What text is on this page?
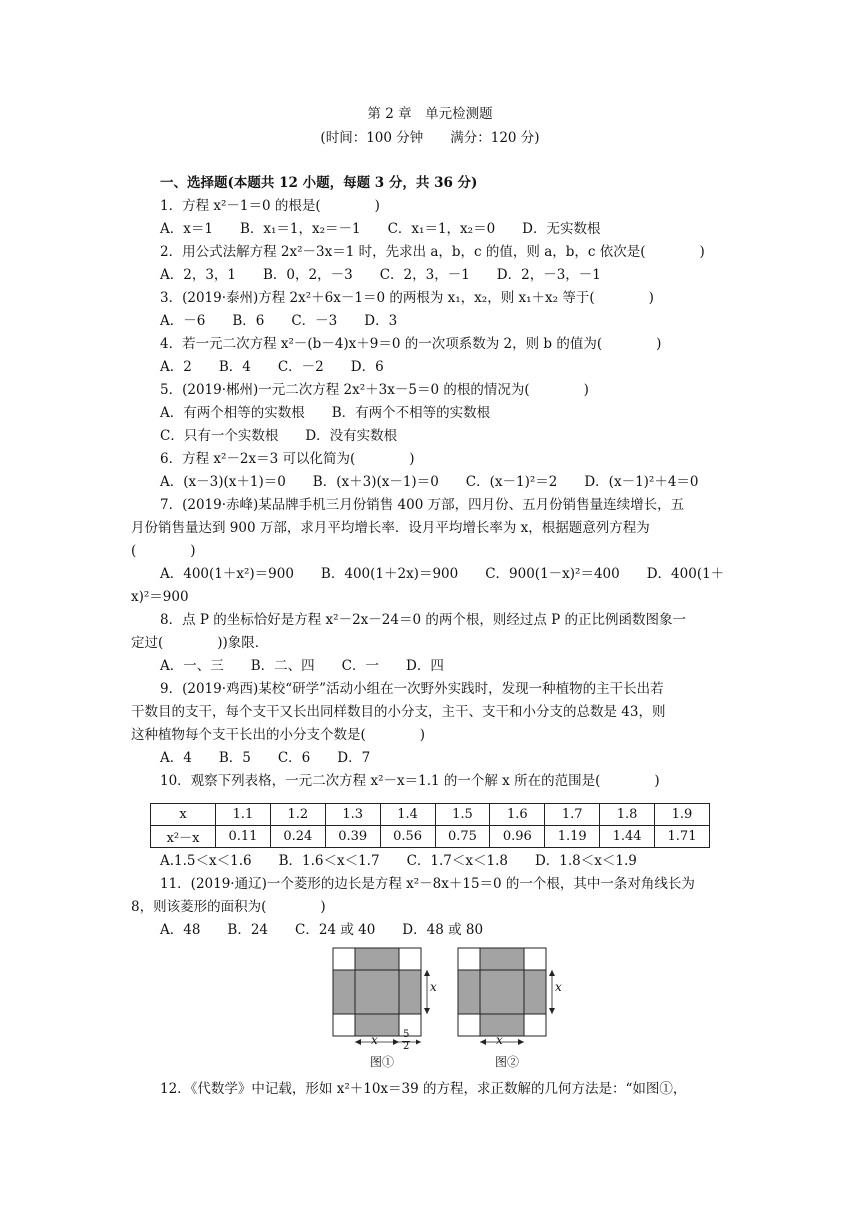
第 2 章　单元检测题
(时间：100 分钟　　满分：120 分)
一、选择题(本题共 12 小题，每题 3 分，共 36 分)
1．方程 x²－1＝0 的根是(　　　　)
A．x＝1　　B．x₁＝1，x₂＝－1　　C．x₁＝1，x₂＝0　　D．无实数根
2．用公式法解方程 2x²－3x＝1 时，先求出 a，b，c 的值，则 a，b，c 依次是(　　　　)
A．2，3，1　　B．0，2，－3　　C．2，3，－1　　D．2，－3，－1
3．(2019·泰州)方程 2x²＋6x－1＝0 的两根为 x₁，x₂，则 x₁＋x₂ 等于(　　　　)
A．－6　　B．6　　C．－3　　D．3
4．若一元二次方程 x²－(b－4)x＋9＝0 的一次项系数为 2，则 b 的值为(　　　　)
A．2　　B．4　　C．－2　　D．6
5．(2019·郴州)一元二次方程 2x²＋3x－5＝0 的根的情况为(　　　　)
A．有两个相等的实数根　　B．有两个不相等的实数根
C．只有一个实数根　　D．没有实数根
6．方程 x²－2x＝3 可以化简为(　　　　)
A．(x－3)(x＋1)＝0　　B．(x＋3)(x－1)＝0　　C．(x－1)²＝2　　D．(x－1)²＋4＝0
7．(2019·赤峰)某品牌手机三月份销售 400 万部，四月份、五月份销售量连续增长，五
月份销售量达到 900 万部，求月平均增长率．设月平均增长率为 x，根据题意列方程为
(　　　　)
A．400(1＋x²)＝900　　B．400(1＋2x)＝900　　C．900(1－x)²＝400　　D．400(1＋
x)²＝900
8．点 P 的坐标恰好是方程 x²－2x－24＝0 的两个根，则经过点 P 的正比例函数图象一
定过(　　　　))象限．
A．一、三　　B．二、四　　C．一　　D．四
9．(2019·鸡西)某校“研学”活动小组在一次野外实践时，发现一种植物的主干长出若
干数目的支干，每个支干又长出同样数目的小分支，主干、支干和小分支的总数是 43，则
这种植物每个支干长出的小分支个数是(　　　　)
A．4　　B．5　　C．6　　D．7
10．观察下列表格，一元二次方程 x²－x＝1.1 的一个解 x 所在的范围是(　　　　)
x	1.1	1.2	1.3	1.4	1.5	1.6	1.7	1.8	1.9
x²－x	0.11	0.24	0.39	0.56	0.75	0.96	1.19	1.44	1.71
A.1.5＜x＜1.6　　B．1.6＜x＜1.7　　C．1.7＜x＜1.8　　D．1.8＜x＜1.9
11．(2019·通辽)一个菱形的边长是方程 x²－8x＋15＝0 的一个根，其中一条对角线长为
8，则该菱形的面积为(　　　　)
A．48　　B．24　　C．24 或 40　　D．48 或 80
x
x	5
2
图①
x
x
图②
12．《代数学》中记载，形如 x²＋10x＝39 的方程，求正数解的几何方法是：“如图①，
